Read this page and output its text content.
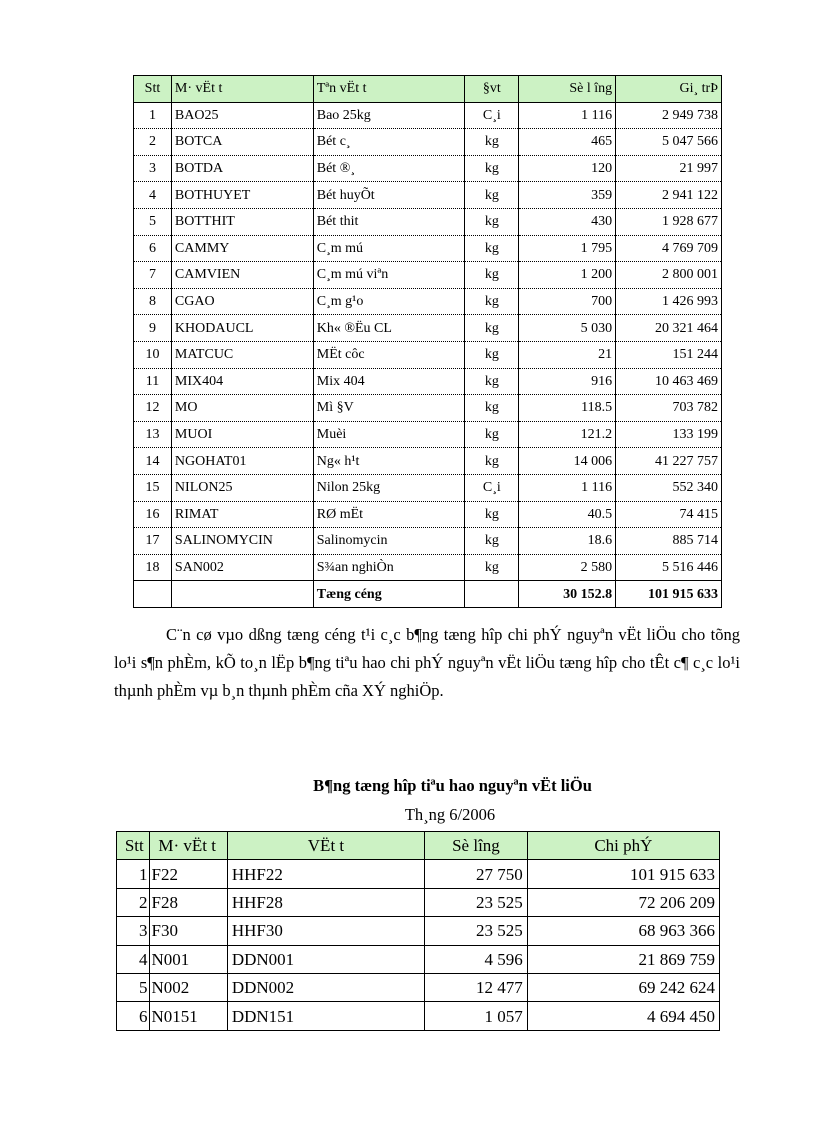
Stt	M· vËt t	Tªn vËt t	§vt	Sè l îng	Gi¸ trÞ
1	BAO25	Bao 25kg	C¸i	1 116	2 949 738
2	BOTCA	Bét c¸	kg	465	5 047 566
3	BOTDA	Bét ®¸	kg	120	21 997
4	BOTHUYET	Bét huyÕt	kg	359	2 941 122
5	BOTTHIT	Bét thit	kg	430	1 928 677
6	CAMMY	C¸m mú	kg	1 795	4 769 709
7	CAMVIEN	C¸m mú viªn	kg	1 200	2 800 001
8	CGAO	C¸m g¹o	kg	700	1 426 993
9	KHODAUCL	Kh« ®Ëu CL	kg	5 030	20 321 464
10	MATCUC	MËt côc	kg	21	151 244
11	MIX404	Mix 404	kg	916	10 463 469
12	MO	Mì §V	kg	118.5	703 782
13	MUOI	Muèi	kg	121.2	133 199
14	NGOHAT01	Ng« h¹t	kg	14 006	41 227 757
15	NILON25	Nilon 25kg	C¸i	1 116	552 340
16	RIMAT	RØ mËt	kg	40.5	74 415
17	SALINOMYCIN	Salinomycin	kg	18.6	885 714
18	SAN002	S¾an nghiÒn	kg	2 580	5 516 446
		Tæng céng		30 152.8	101 915 633

C¨n cø vµo dßng tæng céng t¹i c¸c b¶ng tæng hîp chi phÝ nguyªn vËt liÖu cho tõng lo¹i s¶n phÈm, kÕ to¸n lËp b¶ng tiªu hao chi phÝ nguyªn vËt liÖu tæng hîp cho tÊt c¶ c¸c lo¹i thµnh phÈm vµ b¸n thµnh phÈm cña XÝ nghiÖp.

B¶ng tæng hîp tiªu hao nguyªn vËt liÖu
Th¸ng 6/2006
Stt	M· vËt t	VËt t	Sè lîng	Chi phÝ
1	F22	HHF22	27 750	101 915 633
2	F28	HHF28	23 525	72 206 209
3	F30	HHF30	23 525	68 963 366
4	N001	DDN001	4 596	21 869 759
5	N002	DDN002	12 477	69 242 624
6	N0151	DDN151	1 057	4 694 450
